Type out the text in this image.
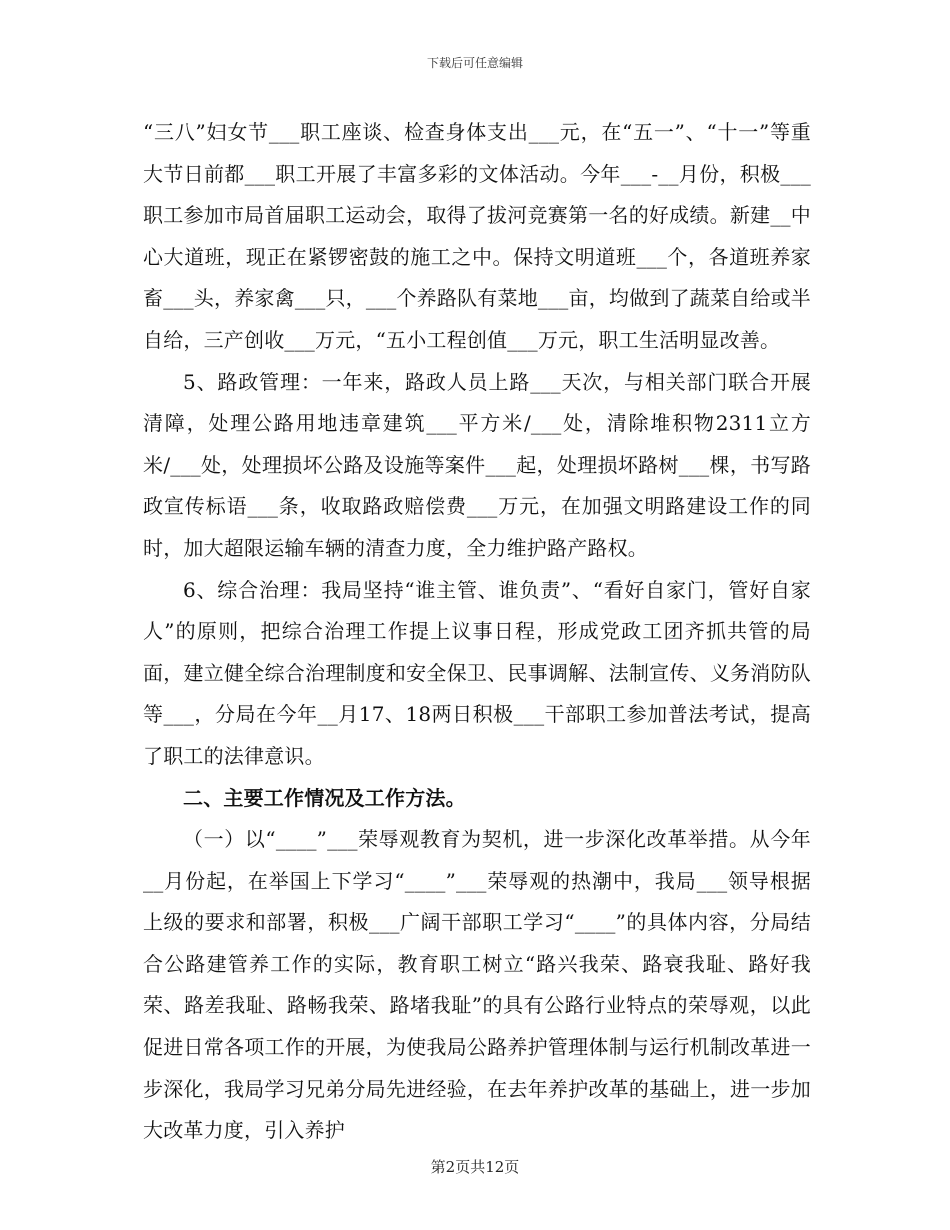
下载后可任意编辑

“三八”妇女节___职工座谈、检查身体支出___元，在“五一”、“十一”等重大节日前都___职工开展了丰富多彩的文体活动。今年___-__月份，积极___职工参加市局首届职工运动会，取得了拔河竞赛第一名的好成绩。新建__中心大道班，现正在紧锣密鼓的施工之中。保持文明道班___个，各道班养家畜___头，养家禽___只，___个养路队有菜地___亩，均做到了蔬菜自给或半自给，三产创收___万元，“五小工程创值___万元，职工生活明显改善。

5、路政管理：一年来，路政人员上路___天次，与相关部门联合开展清障，处理公路用地违章建筑___平方米/___处，清除堆积物2311立方米/___处，处理损坏公路及设施等案件___起，处理损坏路树___棵，书写路政宣传标语___条，收取路政赔偿费___万元，在加强文明路建设工作的同时，加大超限运输车辆的清查力度，全力维护路产路权。

6、综合治理：我局坚持“谁主管、谁负责”、“看好自家门，管好自家人”的原则，把综合治理工作提上议事日程，形成党政工团齐抓共管的局面，建立健全综合治理制度和安全保卫、民事调解、法制宣传、义务消防队等___，分局在今年__月17、18两日积极___干部职工参加普法考试，提高了职工的法律意识。

二、主要工作情况及工作方法。

（一）以“____”___荣辱观教育为契机，进一步深化改革举措。从今年__月份起，在举国上下学习“____”___荣辱观的热潮中，我局___领导根据上级的要求和部署，积极___广阔干部职工学习“____”的具体内容，分局结合公路建管养工作的实际，教育职工树立“路兴我荣、路衰我耻、路好我荣、路差我耻、路畅我荣、路堵我耻”的具有公路行业特点的荣辱观，以此促进日常各项工作的开展，为使我局公路养护管理体制与运行机制改革进一步深化，我局学习兄弟分局先进经验，在去年养护改革的基础上，进一步加大改革力度，引入养护

第2页共12页
